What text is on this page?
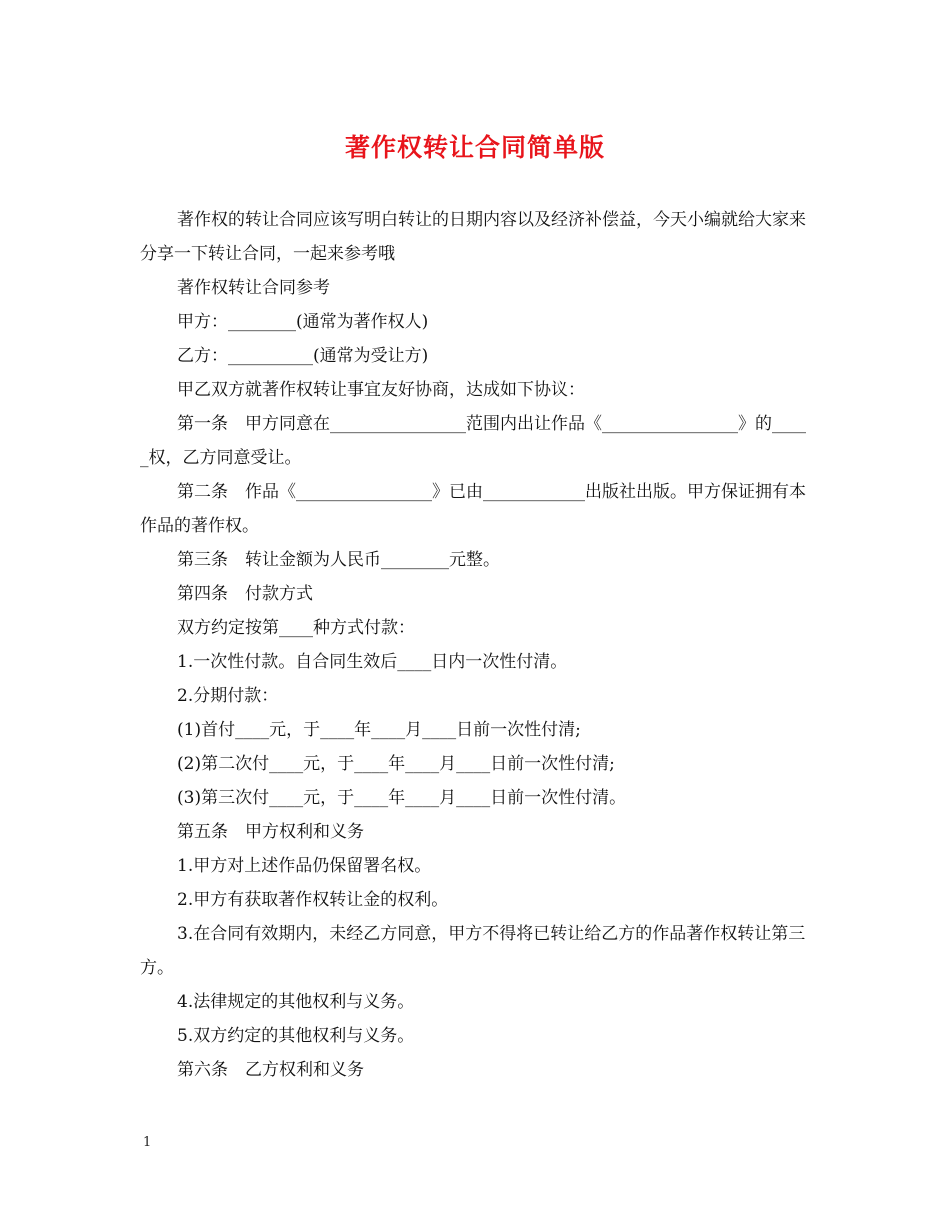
著作权转让合同简单版

著作权的转让合同应该写明白转让的日期内容以及经济补偿益，今天小编就给大家来分享一下转让合同，一起来参考哦

著作权转让合同参考

甲方：________(通常为著作权人)

乙方：__________(通常为受让方)

甲乙双方就著作权转让事宜友好协商，达成如下协议：

第一条　甲方同意在________________范围内出让作品《________________》的_____权，乙方同意受让。

第二条　作品《________________》已由____________出版社出版。甲方保证拥有本作品的著作权。

第三条　转让金额为人民币________元整。

第四条　付款方式

双方约定按第____种方式付款：

1.一次性付款。自合同生效后____日内一次性付清。

2.分期付款：

(1)首付____元，于____年____月____日前一次性付清;

(2)第二次付____元，于____年____月____日前一次性付清;

(3)第三次付____元，于____年____月____日前一次性付清。

第五条　甲方权利和义务

1.甲方对上述作品仍保留署名权。

2.甲方有获取著作权转让金的权利。

3.在合同有效期内，未经乙方同意，甲方不得将已转让给乙方的作品著作权转让第三方。

4.法律规定的其他权利与义务。

5.双方约定的其他权利与义务。

第六条　乙方权利和义务

1
